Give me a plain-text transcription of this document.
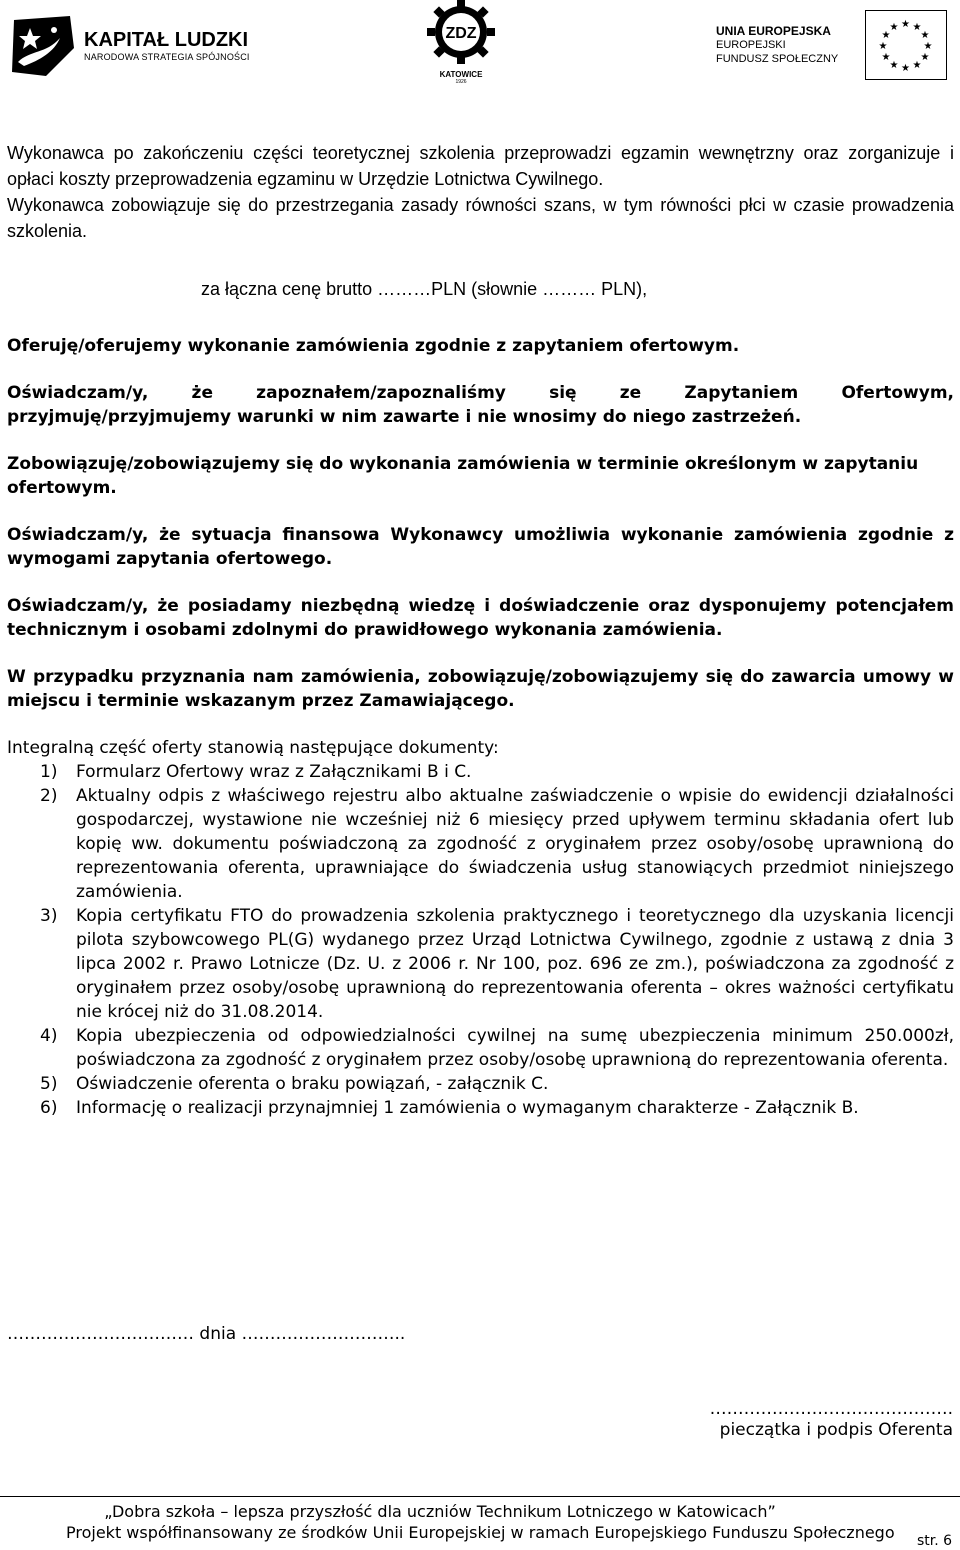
KAPITAŁ LUDZKI
NARODOWA STRATEGIA SPÓJNOŚCI
ZDZ
KATOWICE
1926
UNIA EUROPEJSKA
EUROPEJSKI
FUNDUSZ SPOŁECZNY
★ ★
★
★
★
★
★
★
★
★
★
★

Wykonawca po zakończeniu części teoretycznej szkolenia przeprowadzi egzamin wewnętrzny oraz zorganizuje i opłaci koszty przeprowadzenia egzaminu w Urzędzie Lotnictwa Cywilnego.

Wykonawca zobowiązuje się do przestrzegania zasady równości szans, w tym równości płci w czasie prowadzenia szkolenia.

za łączna cenę brutto ………PLN (słownie ……… PLN),

Oferuję/oferujemy wykonanie zamówienia zgodnie z zapytaniem ofertowym.

Oświadczam/y, że zapoznałem/zapoznaliśmy się ze Zapytaniem Ofertowym, przyjmuję/przyjmujemy warunki w nim zawarte i nie wnosimy do niego zastrzeżeń.

Zobowiązuję/zobowiązujemy się do wykonania zamówienia w terminie określonym w zapytaniu ofertowym.

Oświadczam/y, że sytuacja finansowa Wykonawcy umożliwia wykonanie zamówienia zgodnie z wymogami zapytania ofertowego.

Oświadczam/y, że posiadamy niezbędną wiedzę i doświadczenie oraz dysponujemy potencjałem technicznym i osobami zdolnymi do prawidłowego wykonania zamówienia.

W przypadku przyznania nam zamówienia, zobowiązuję/zobowiązujemy się do zawarcia umowy w miejscu i terminie wskazanym przez Zamawiającego.

Integralną część oferty stanowią następujące dokumenty:

1) Formularz Ofertowy wraz z Załącznikami B i C.
2) Aktualny odpis z właściwego rejestru albo aktualne zaświadczenie o wpisie do ewidencji działalności gospodarczej, wystawione nie wcześniej niż 6 miesięcy przed upływem terminu składania ofert lub kopię ww. dokumentu poświadczoną za zgodność z oryginałem przez osoby/osobę uprawnioną do reprezentowania oferenta, uprawniające do świadczenia usług stanowiących przedmiot niniejszego zamówienia.
3) Kopia certyfikatu FTO do prowadzenia szkolenia praktycznego i teoretycznego dla uzyskania licencji pilota szybowcowego PL(G) wydanego przez Urząd Lotnictwa Cywilnego, zgodnie z ustawą z dnia 3 lipca 2002 r. Prawo Lotnicze (Dz. U. z 2006 r. Nr 100, poz. 696 ze zm.), poświadczona za zgodność z oryginałem przez osoby/osobę uprawnioną do reprezentowania oferenta – okres ważności certyfikatu nie krócej niż do 31.08.2014.
4) Kopia ubezpieczenia od odpowiedzialności cywilnej na sumę ubezpieczenia minimum 250.000zł, poświadczona za zgodność z oryginałem przez osoby/osobę uprawnioną do reprezentowania oferenta.
5) Oświadczenie oferenta o braku powiązań, - załącznik C.
6) Informację o realizacji przynajmniej 1 zamówienia o wymaganym charakterze - Załącznik B.
…………………………… dnia ………………………..
…………………………………….
pieczątka i podpis Oferenta
„Dobra szkoła – lepsza przyszłość dla uczniów Technikum Lotniczego w Katowicach”
Projekt współfinansowany ze środków Unii Europejskiej w ramach Europejskiego Funduszu Społecznego	str. 6
